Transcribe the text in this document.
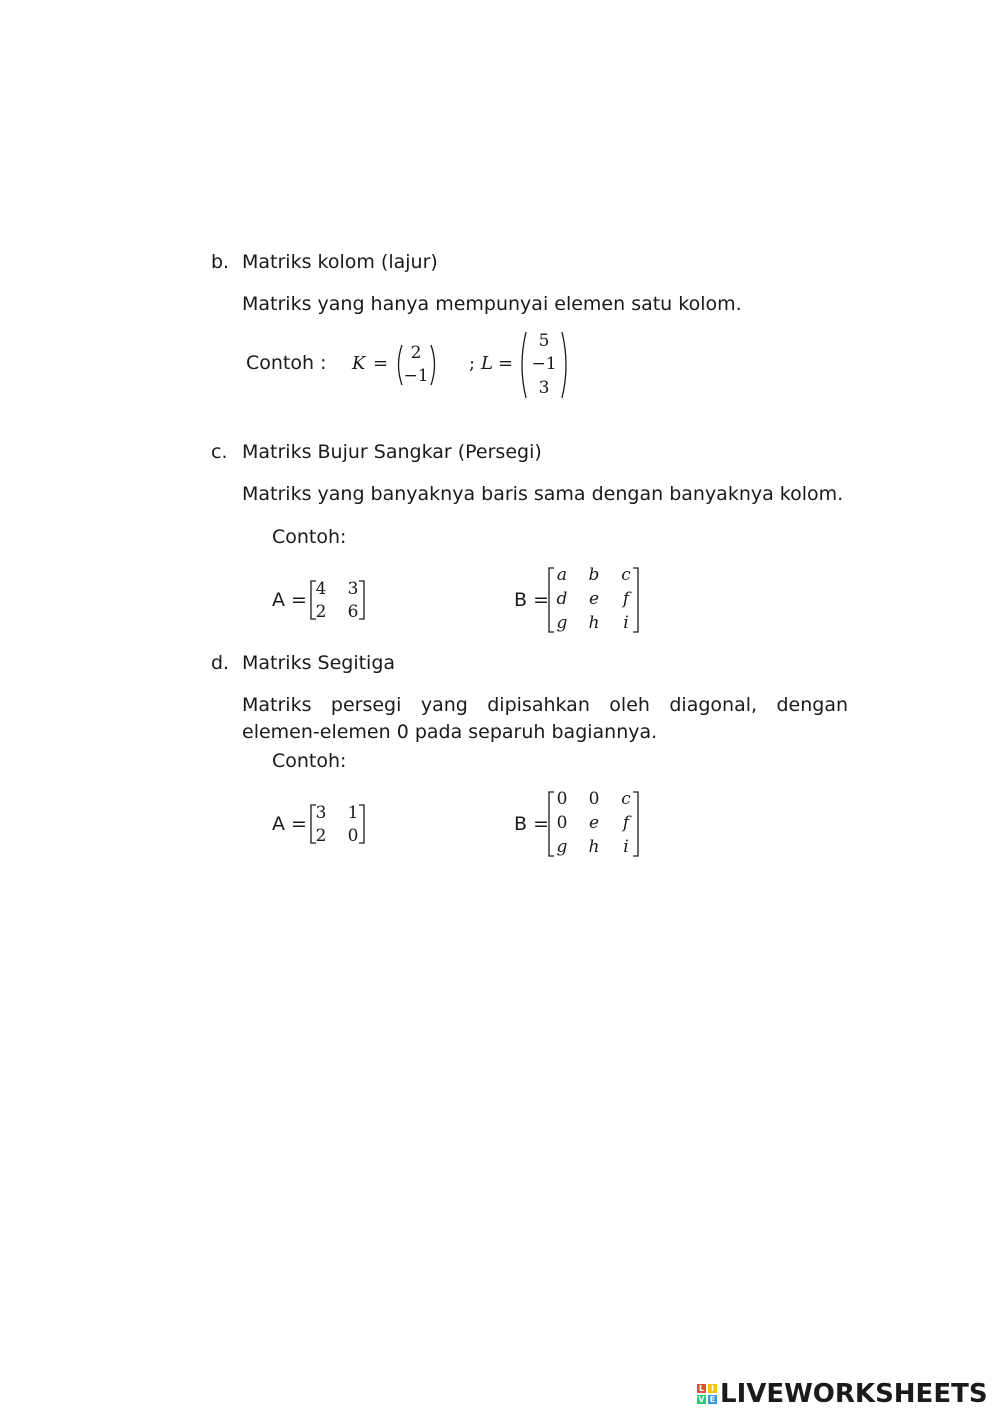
b. Matriks kolom (lajur)
Matriks yang hanya mempunyai elemen satu kolom.
Contoh : K =	2
−1
; L =
5
−1
3
c. Matriks Bujur Sangkar (Persegi)
Matriks yang banyaknya baris sama dengan banyaknya kolom.
Contoh:
A = 4	3
2	6
B =
a	b	c
d	e	f
g	h	i
d. Matriks Segitiga
Matriks persegi yang dipisahkan oleh diagonal, dengan elemen-elemen 0 pada separuh bagiannya.
Contoh:
A = 3	1
2	0
B =
0	0	c
0	e	f
g	h	i
L I
V E LIVEWORKSHEETS
